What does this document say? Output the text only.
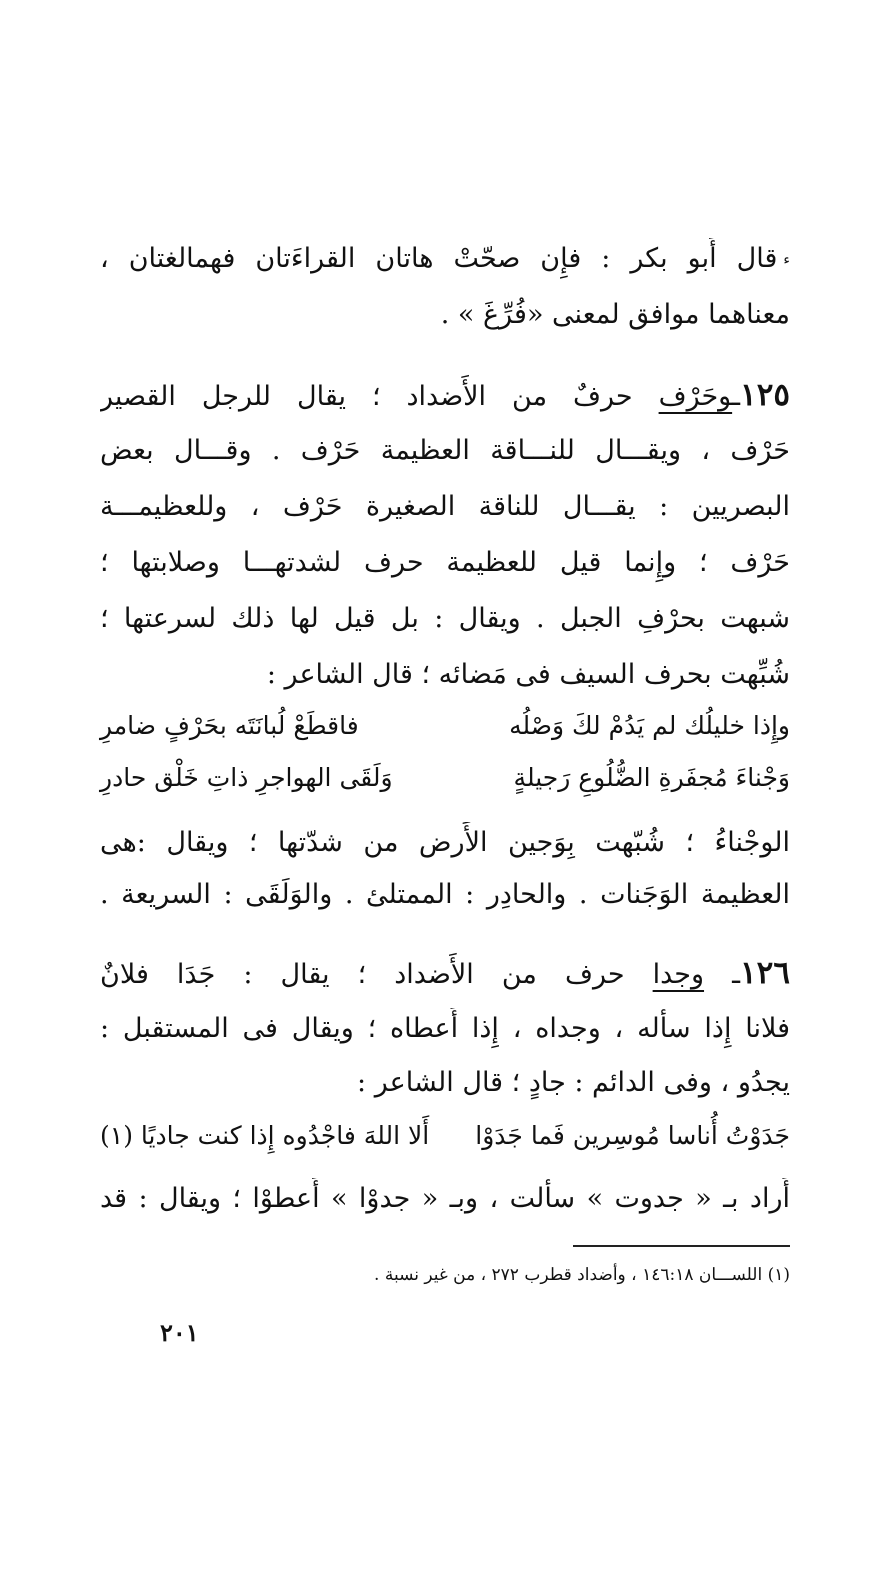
ءقال أَبو بكر : فإِن صحّتْ هاتان القراءَتان فهمالغتان ،
معناهما موافق لمعنى «فُرِّغَ » .
١٢٥ـوحَرْف حرفٌ من الأَضداد ؛ يقال للرجل القصير
حَرْف ، ويقـــال للنـــاقة العظيمة حَرْف . وقـــال بعض
البصريين : يقـــال للناقة الصغيرة حَرْف ، وللعظيمـــة
حَرْف ؛ وإِنما قيل للعظيمة حرف لشدتهـــا وصلابتها ؛
شبهت بحرْفِ الجبل . ويقال : بل قيل لها ذلك لسرعتها ؛
شُبِّهت بحرف السيف فى مَضائه ؛ قال الشاعر :
وإِذا خليلُك لم يَدُمْ لكَ وَصْلُه
فاقطَعْ لُبانَتَه بحَرْفٍ ضامرِ
وَجْناءَ مُجفَرةِ الضُّلُوعِ رَجيلةٍ
وَلَقَى الهواجرِ ذاتِ خَلْق حادرِ
الوجْناءُ ؛ شُبّهت بِوَجين الأَرض من شدّتها ؛ ويقال :هى
العظيمة الوَجَنات . والحادِر : الممتلئ . والوَلَقَى : السريعة .
١٢٦ـ وجدا حرف من الأَضداد ؛ يقال : جَدَا فلانٌ
فلانا إِذا سأَله ، وجداه ، إِذا أَعطاه ؛ ويقال فى المستقبل :
يجدُو ، وفى الدائم : جادٍ ؛ قال الشاعر :
جَدَوْتُ أُناسا مُوسِرين فَما جَدَوْا
أَلا اللهَ فاجْدُوه إِذا كنت جاديًا (١)
أَراد بـ « جدوت » سأَلت ، وبـ « جدوْا » أَعطوْا ؛ ويقال : قد
(١) اللســـان ١٤٦:١٨ ، وأضداد قطرب ٢٧٢ ، من غير نسبة .
٢٠١
